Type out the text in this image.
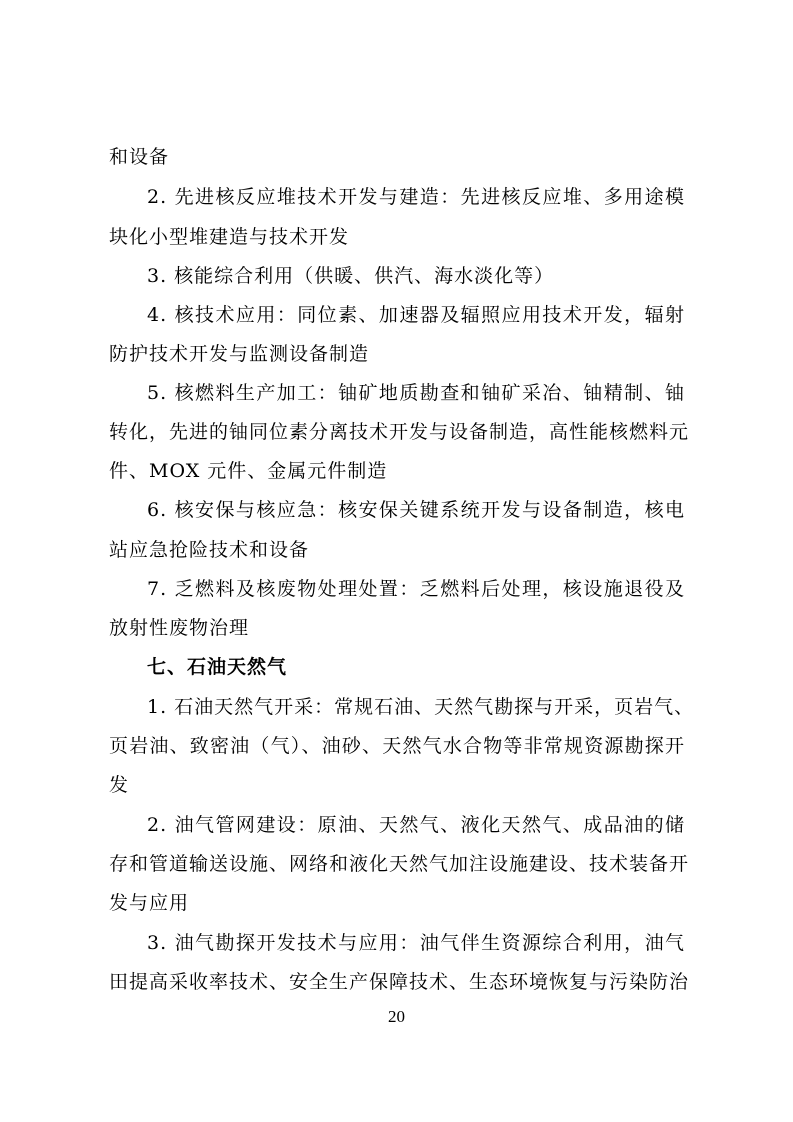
和设备
2. 先进核反应堆技术开发与建造：先进核反应堆、多用途模
块化小型堆建造与技术开发
3. 核能综合利用（供暖、供汽、海水淡化等）
4. 核技术应用：同位素、加速器及辐照应用技术开发，辐射
防护技术开发与监测设备制造
5. 核燃料生产加工：铀矿地质勘查和铀矿采冶、铀精制、铀
转化，先进的铀同位素分离技术开发与设备制造，高性能核燃料元
件、MOX 元件、金属元件制造
6. 核安保与核应急：核安保关键系统开发与设备制造，核电
站应急抢险技术和设备
7. 乏燃料及核废物处理处置：乏燃料后处理，核设施退役及
放射性废物治理
七、石油天然气
1. 石油天然气开采：常规石油、天然气勘探与开采，页岩气、
页岩油、致密油（气）、油砂、天然气水合物等非常规资源勘探开
发
2. 油气管网建设：原油、天然气、液化天然气、成品油的储
存和管道输送设施、网络和液化天然气加注设施建设、技术装备开
发与应用
3. 油气勘探开发技术与应用：油气伴生资源综合利用，油气
田提高采收率技术、安全生产保障技术、生态环境恢复与污染防治
20
